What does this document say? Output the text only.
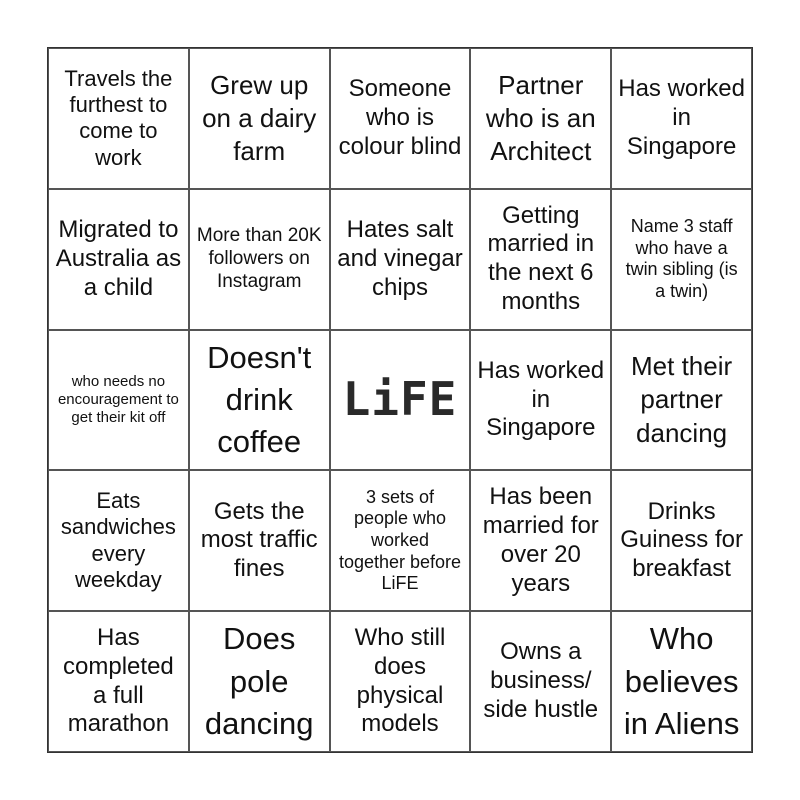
Travels the furthest to come to work
Grew up on a dairy farm
Someone who is colour blind
Partner who is an Architect
Has worked in Singapore
Migrated to Australia as a child
More than 20K followers on Instagram
Hates salt and vinegar chips
Getting married in the next 6 months
Name 3 staff who have a twin sibling (is a twin)
who needs no encouragement to get their kit off
Doesn't drink coffee
LiFE
Has worked in Singapore
Met their partner dancing
Eats sandwiches every weekday
Gets the most traffic fines
3 sets of people who worked together before LiFE
Has been married for over 20 years
Drinks Guiness for breakfast
Has completed a full marathon
Does pole dancing
Who still does physical models
Owns a business/ side hustle
Who believes in Aliens
